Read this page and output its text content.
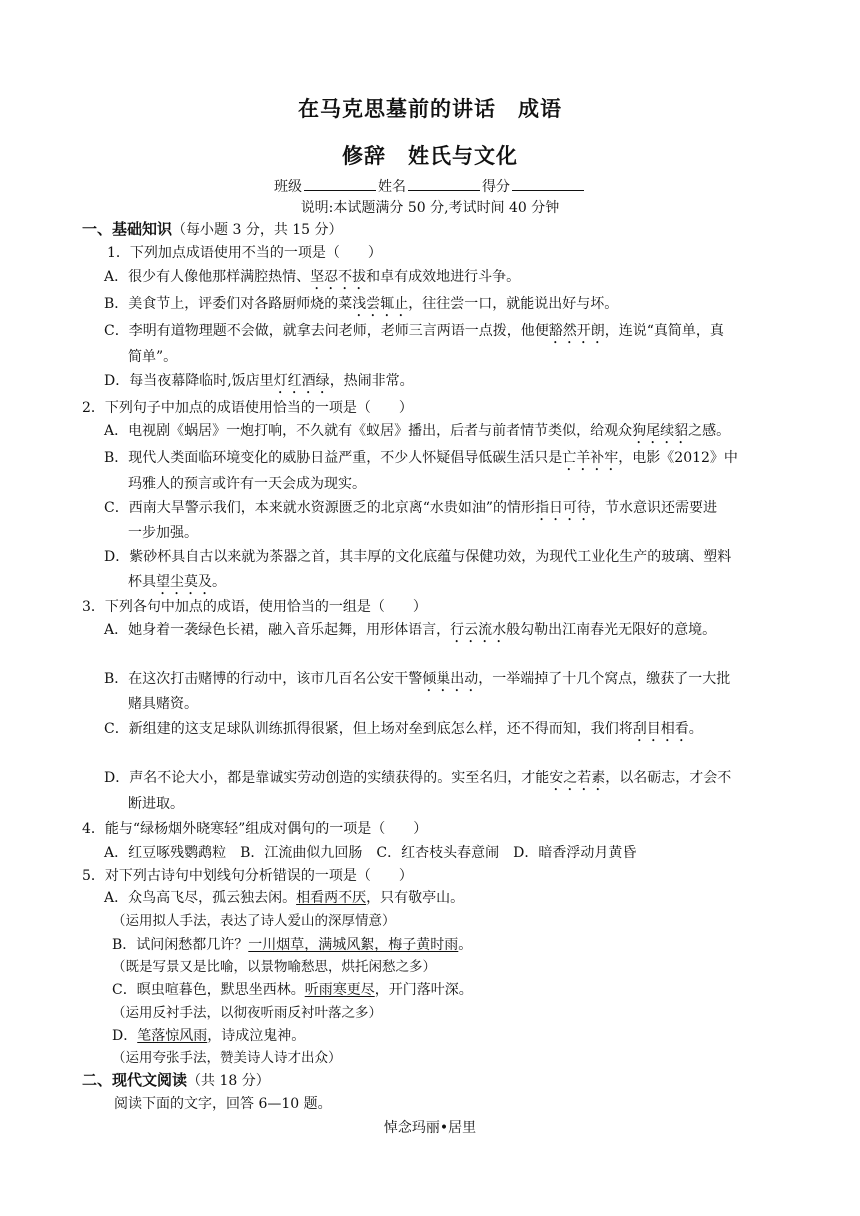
在马克思墓前的讲话　成语
修辞　姓氏与文化
班级	姓名	得分
说明:本试题满分 50 分,考试时间 40 分钟
一、基础知识（每小题 3 分，共 15 分）
1．下列加点成语使用不当的一项是（　　）
A．很少有人像他那样满腔热情、坚忍不拔和卓有成效地进行斗争。
B．美食节上，评委们对各路厨师烧的菜浅尝辄止，往往尝一口，就能说出好与坏。
C．李明有道物理题不会做，就拿去问老师，老师三言两语一点拨，他便豁然开朗，连说“真简单，真
简单”。
D．每当夜幕降临时,饭店里灯红酒绿，热闹非常。
2．下列句子中加点的成语使用恰当的一项是（　　）
A．电视剧《蜗居》一炮打响，不久就有《蚁居》播出，后者与前者情节类似，给观众狗尾续貂之感。
B．现代人类面临环境变化的威胁日益严重，不少人怀疑倡导低碳生活只是亡羊补牢，电影《2012》中
玛雅人的预言或许有一天会成为现实。
C．西南大旱警示我们，本来就水资源匮乏的北京离“水贵如油”的情形指日可待，节水意识还需要进
一步加强。
D．紫砂杯具自古以来就为茶器之首，其丰厚的文化底蕴与保健功效，为现代工业化生产的玻璃、塑料
杯具望尘莫及。
3．下列各句中加点的成语，使用恰当的一组是（　　）
A．她身着一袭绿色长裙，融入音乐起舞，用形体语言，行云流水般勾勒出江南春光无限好的意境。
B．在这次打击赌博的行动中，该市几百名公安干警倾巢出动，一举端掉了十几个窝点，缴获了一大批
赌具赌资。
C．新组建的这支足球队训练抓得很紧，但上场对垒到底怎么样，还不得而知，我们将刮目相看。
D．声名不论大小，都是靠诚实劳动创造的实绩获得的。实至名归，才能安之若素，以名砺志，才会不
断进取。
4．能与“绿杨烟外晓寒轻”组成对偶句的一项是（　　）
A．红豆啄残鹦鹉粒　B．江流曲似九回肠　C．红杏枝头春意闹　D．暗香浮动月黄昏
5．对下列古诗句中划线句分析错误的一项是（　　）
A．众鸟高飞尽，孤云独去闲。相看两不厌，只有敬亭山。
（运用拟人手法，表达了诗人爱山的深厚情意）
B．试问闲愁都几许？一川烟草，满城风絮，梅子黄时雨。
（既是写景又是比喻，以景物喻愁思，烘托闲愁之多）
C．暝虫喧暮色，默思坐西林。听雨寒更尽，开门落叶深。
（运用反衬手法，以彻夜听雨反衬叶落之多）
D．笔落惊风雨，诗成泣鬼神。
（运用夸张手法，赞美诗人诗才出众）
二、现代文阅读（共 18 分）
阅读下面的文字，回答 6—10 题。
悼念玛丽•居里
